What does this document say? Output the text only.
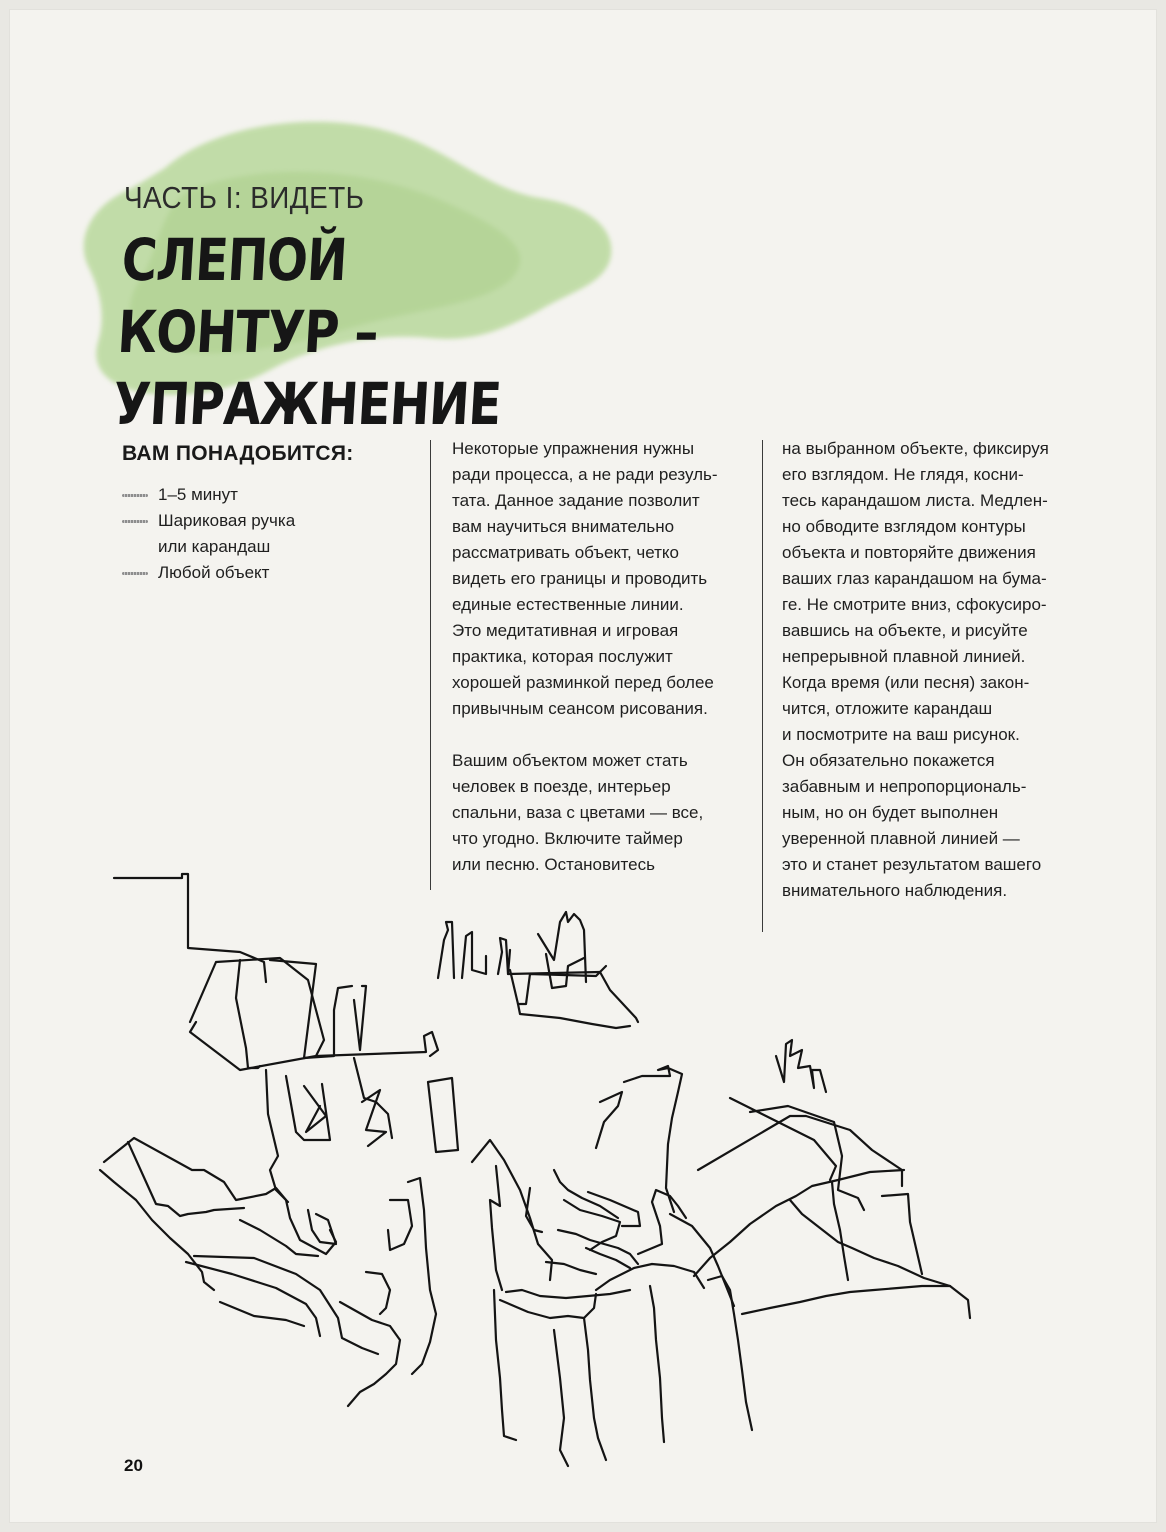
ЧАСТЬ I: ВИДЕТЬ
СЛЕПОЙ КОНТУР –
УПРАЖНЕНИЕ
ВАМ ПОНАДОБИТСЯ:
1–5 минут
Шариковая ручка
или карандаш
Любой объект

Некоторые упражнения нужны

ради процесса, а не ради резуль-

тата. Данное задание позволит

вам научиться внимательно

рассматривать объект, четко

видеть его границы и проводить

единые естественные линии.

Это медитативная и игровая

практика, которая послужит

хорошей разминкой перед более

привычным сеансом рисования.

Вашим объектом может стать

человек в поезде, интерьер

спальни, ваза с цветами — все,

что угодно. Включите таймер

или песню. Остановитесь

на выбранном объекте, фиксируя

его взглядом. Не глядя, косни-

тесь карандашом листа. Медлен-

но обводите взглядом контуры

объекта и повторяйте движения

ваших глаз карандашом на бума-

ге. Не смотрите вниз, сфокусиро-

вавшись на объекте, и рисуйте

непрерывной плавной линией.

Когда время (или песня) закон-

чится, отложите карандаш

и посмотрите на ваш рисунок.

Он обязательно покажется

забавным и непропорциональ-

ным, но он будет выполнен

уверенной плавной линией —

это и станет результатом вашего

внимательного наблюдения.

20
